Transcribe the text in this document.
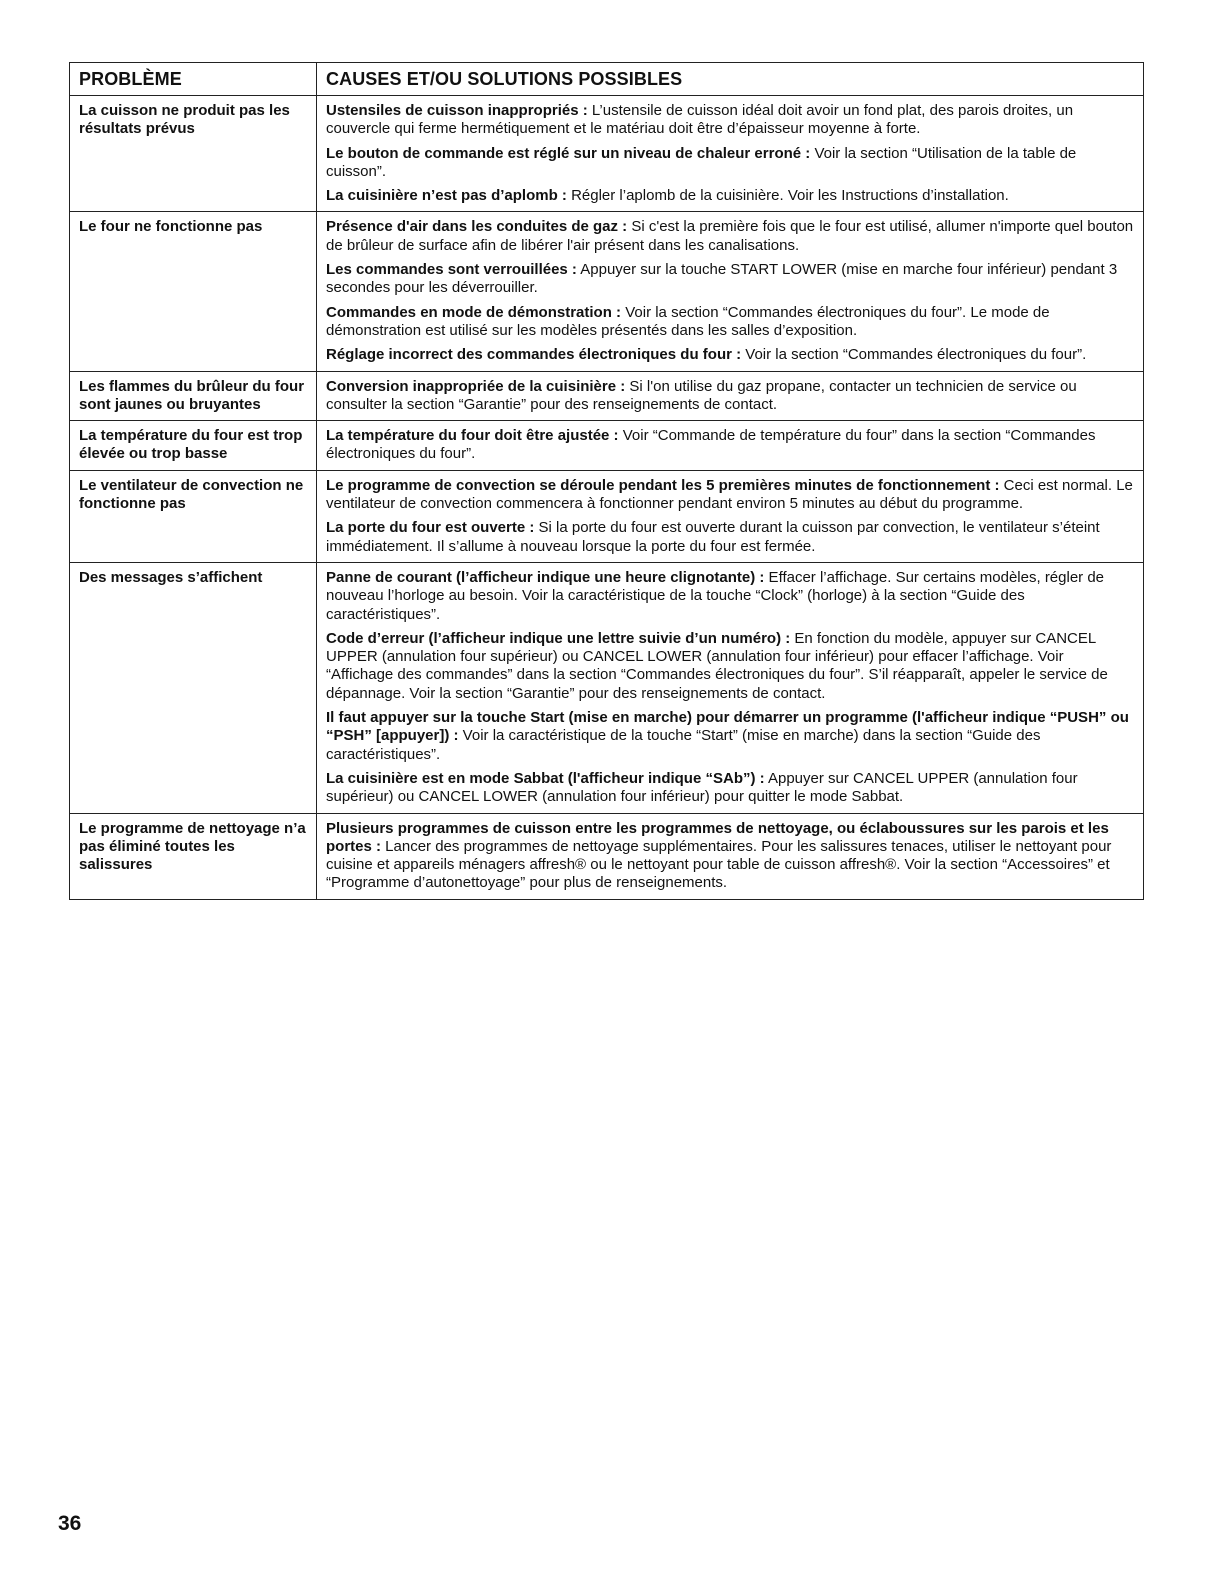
PROBLÈME	CAUSES ET/OU SOLUTIONS POSSIBLES
La cuisson ne produit pas les résultats prévus	Ustensiles de cuisson inappropriés : L’ustensile de cuisson idéal doit avoir un fond plat, des parois droites, un couvercle qui ferme hermétiquement et le matériau doit être d’épaisseur moyenne à forte.

Le bouton de commande est réglé sur un niveau de chaleur erroné : Voir la section “Utilisation de la table de cuisson”.

La cuisinière n’est pas d’aplomb : Régler l’aplomb de la cuisinière. Voir les Instructions d’installation.

Le four ne fonctionne pas	Présence d'air dans les conduites de gaz : Si c'est la première fois que le four est utilisé, allumer n'importe quel bouton de brûleur de surface afin de libérer l'air présent dans les canalisations.

Les commandes sont verrouillées : Appuyer sur la touche START LOWER (mise en marche four inférieur) pendant 3 secondes pour les déverrouiller.

Commandes en mode de démonstration : Voir la section “Commandes électroniques du four”. Le mode de démonstration est utilisé sur les modèles présentés dans les salles d’exposition.

Réglage incorrect des commandes électroniques du four : Voir la section “Commandes électroniques du four”.

Les flammes du brûleur du four sont jaunes ou bruyantes	Conversion inappropriée de la cuisinière : Si l'on utilise du gaz propane, contacter un technicien de service ou consulter la section “Garantie” pour des renseignements de contact.

La température du four est trop élevée ou trop basse	La température du four doit être ajustée : Voir “Commande de température du four” dans la section “Commandes électroniques du four”.

Le ventilateur de convection ne fonctionne pas	Le programme de convection se déroule pendant les 5 premières minutes de fonctionnement : Ceci est normal. Le ventilateur de convection commencera à fonctionner pendant environ 5 minutes au début du programme.

La porte du four est ouverte : Si la porte du four est ouverte durant la cuisson par convection, le ventilateur s’éteint immédiatement. Il s’allume à nouveau lorsque la porte du four est fermée.

Des messages s’affichent	Panne de courant (l’afficheur indique une heure clignotante) : Effacer l’affichage. Sur certains modèles, régler de nouveau l’horloge au besoin. Voir la caractéristique de la touche “Clock” (horloge) à la section “Guide des caractéristiques”.

Code d’erreur (l’afficheur indique une lettre suivie d’un numéro) : En fonction du modèle, appuyer sur CANCEL UPPER (annulation four supérieur) ou CANCEL LOWER (annulation four inférieur) pour effacer l’affichage. Voir “Affichage des commandes” dans la section “Commandes électroniques du four”. S’il réapparaît, appeler le service de dépannage. Voir la section “Garantie” pour des renseignements de contact.

Il faut appuyer sur la touche Start (mise en marche) pour démarrer un programme (l'afficheur indique “PUSH” ou “PSH” [appuyer]) : Voir la caractéristique de la touche “Start” (mise en marche) dans la section “Guide des caractéristiques”.

La cuisinière est en mode Sabbat (l'afficheur indique “SAb”) : Appuyer sur CANCEL UPPER (annulation four supérieur) ou CANCEL LOWER (annulation four inférieur) pour quitter le mode Sabbat.

Le programme de nettoyage n’a pas éliminé toutes les salissures	Plusieurs programmes de cuisson entre les programmes de nettoyage, ou éclaboussures sur les parois et les portes : Lancer des programmes de nettoyage supplémentaires. Pour les salissures tenaces, utiliser le nettoyant pour cuisine et appareils ménagers affresh® ou le nettoyant pour table de cuisson affresh®. Voir la section “Accessoires” et “Programme d’autonettoyage” pour plus de renseignements.

36
